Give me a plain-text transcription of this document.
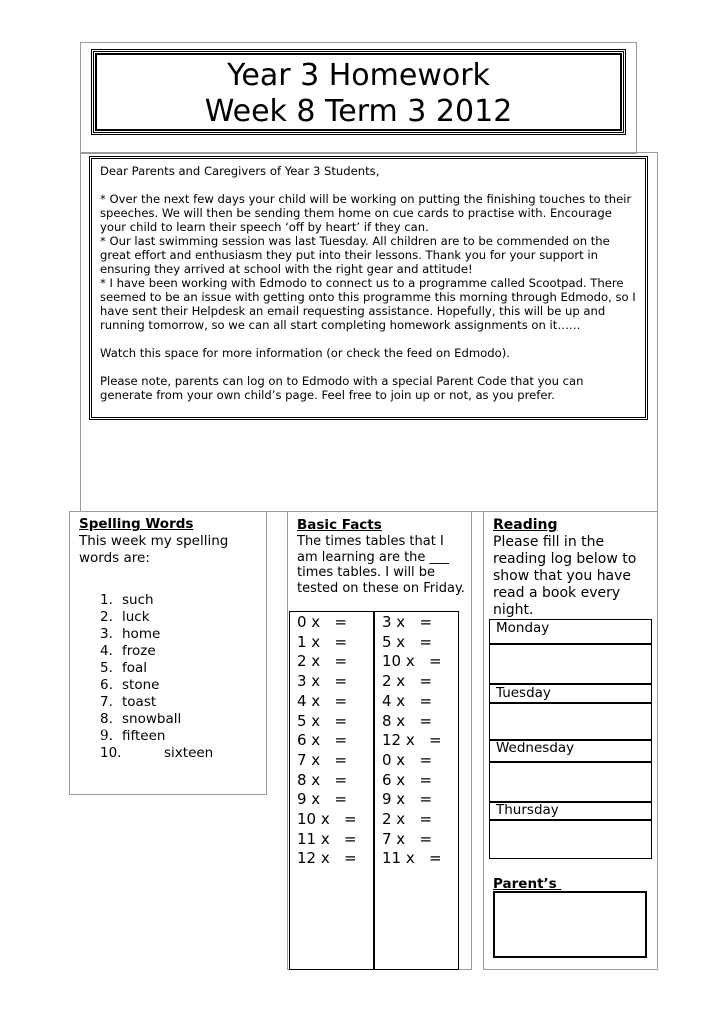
Year 3 Homework
Week 8 Term 3 2012

Dear Parents and Caregivers of Year 3 Students,

* Over the next few days your child will be working on putting the finishing touches to their speeches. We will then be sending them home on cue cards to practise with. Encourage your child to learn their speech ‘off by heart’ if they can.

* Our last swimming session was last Tuesday. All children are to be commended on the great effort and enthusiasm they put into their lessons. Thank you for your support in ensuring they arrived at school with the right gear and attitude!

* I have been working with Edmodo to connect us to a programme called Scootpad. There seemed to be an issue with getting onto this programme this morning through Edmodo, so I have sent their Helpdesk an email requesting assistance. Hopefully, this will be up and running tomorrow, so we can all start completing homework assignments on it……

Watch this space for more information (or check the feed on Edmodo).

Please note, parents can log on to Edmodo with a special Parent Code that you can generate from your own child’s page. Feel free to join up or not, as you prefer.

Spelling Words
This week my spelling words are:
1. such
2. luck
3. home
4. froze
5. foal
6. stone
7. toast
8. snowball
9. fifteen
10.	sixteen
Basic Facts
The times tables that I am learning are the ___ times tables. I will be tested on these on Friday.
0 x   =
1 x   =
2 x   =
3 x   =
4 x   =
5 x   =
6 x   =
7 x   =
8 x   =
9 x   =
10 x   =
11 x   =
12 x   =
3 x   =
5 x   =
10 x   =
2 x   =
4 x   =
8 x   =
12 x   =
0 x   =
6 x   =
9 x   =
2 x   =
7 x   =
11 x   =
Reading
Please fill in the reading log below to show that you have read a book every night.
Monday
Tuesday
Wednesday
Thursday
Parent’s
